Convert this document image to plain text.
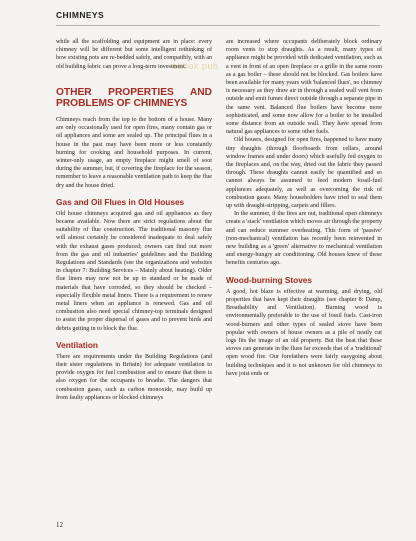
CHIMNEYS
ebook.pub

while all the scaffolding and equipment are in place: every chimney will be different but some intelligent rethinking of how existing pots are re-bedded safely, and compatibly, with an old building fabric can prove a long-term investment.

OTHER PROPERTIES AND PROBLEMS OF CHIMNEYS

Chimneys reach from the top to the bottom of a house. Many are only occasionally used for open fires, many contain gas or oil appliances and some are sealed up. The principal flues in a house in the past may have been more or less constantly burning for cooking and household purposes. In current, winter-only usage, an empty fireplace might smell of soot during the summer, but, if covering the fireplace for the season, remember to leave a reasonable ventilation path to keep the flue dry and the house dried.

Gas and Oil Flues in Old Houses

Old house chimneys acquired gas and oil appliances as they became available. Now there are strict regulations about the suitability of flue construction. The traditional masonry flue will almost certainly be considered inadequate to deal safely with the exhaust gases produced; owners can find out more from the gas and oil industries' guidelines and the Building Regulations and Standards (see the organizations and websites in chapter 7: Building Services – Mainly about heating). Older flue liners may now not be up to standard or be made of materials that have corroded, so they should be checked – especially flexible metal liners. There is a requirement to renew metal liners when an appliance is renewed. Gas and oil combustion also need special chimney-top terminals designed to assist the proper dispersal of gases and to prevent birds and debris getting in to block the flue.

Ventilation

There are requirements under the Building Regulations (and their sister regulations in Britain) for adequate ventilation to provide oxygen for fuel combustion and to ensure that there is also oxygen for the occupants to breathe. The dangers that combustion gases, such as carbon monoxide, may build up from faulty appliances or blocked chimneys

are increased where occupants deliberately block ordinary room vents to stop draughts. As a result, many types of appliance might be provided with dedicated ventilation, such as a vent in front of an open fireplace or a grille in the same room as a gas boiler – these should not be blocked. Gas boilers have been available for many years with 'balanced flues', no chimney is necessary as they draw air in through a sealed wall vent from outside and emit fumes direct outside through a separate pipe in the same vent. Balanced flue boilers have become more sophisticated, and some now allow for a boiler to be installed some distance from an outside wall. They have spread from natural gas appliances to some other fuels.

Old houses, designed for open fires, happened to have many tiny draughts (through floorboards from cellars, around window frames and under doors) which usefully fed oxygen to the fireplaces and, on the way, dried out the fabric they passed through. These draughts cannot easily be quantified and so cannot always be assumed to feed modern fossil-fuel appliances adequately, as well as overcoming the risk of combustion gases. Many householders have tried to seal them up with draught-stripping, carpets and fillers.

In the summer, if the fires are out, traditional open chimneys create a 'stack' ventilation which moves air through the property and can reduce summer overheating. This form of 'passive' (non-mechanical) ventilation has recently been reinvented in new building as a 'green' alternative to mechanical ventilation and energy-hungry air conditioning. Old houses knew of these benefits centuries ago.

Wood-burning Stoves

A good, hot blaze is effective at warming, and drying, old properties that have kept their draughts (see chapter 8: Damp, Breathability and Ventilation). Burning wood is environmentally preferable to the use of fossil fuels. Cast-iron wood-burners and other types of sealed stove have been popular with owners of house owners as a pile of neatly cut logs fits the image of an old property. But the heat that these stoves can generate in the flues far exceeds that of a 'traditional' open wood fire. Our forefathers were fairly easygoing about building techniques and it is not unknown for old chimneys to have joist ends or

12
